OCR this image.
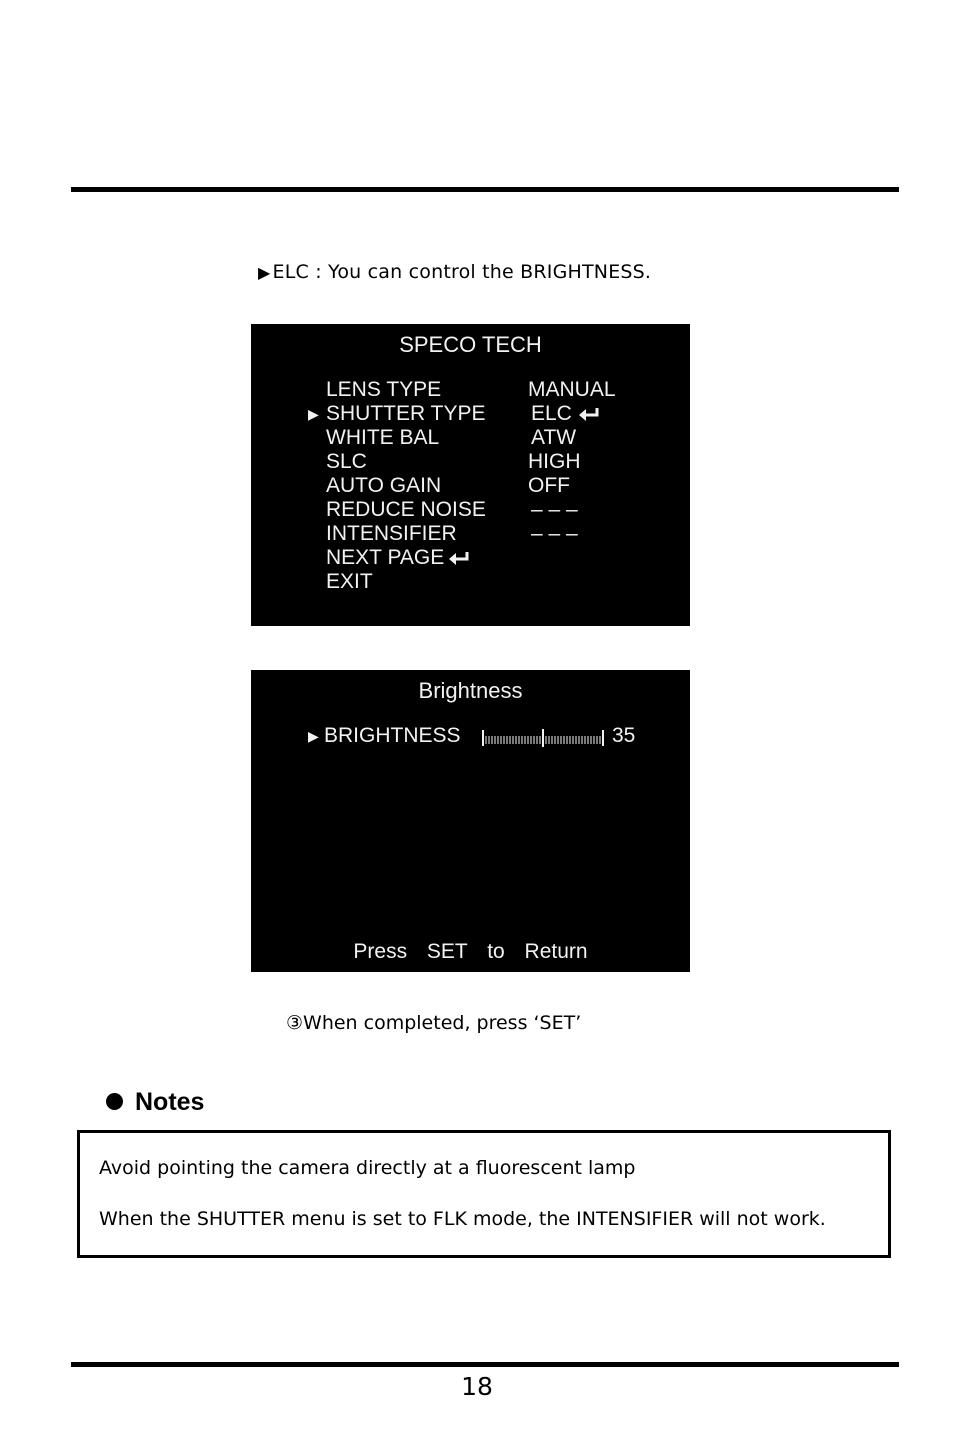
▶ ELC : You can control the BRIGHTNESS.
SPECO TECH
LENS TYPE	MANUAL
▶ SHUTTER TYPE ELC
WHITE BAL	ATW
SLC	HIGH
AUTO GAIN	OFF
REDUCE NOISE – – –
INTENSIFIER	– – –
NEXT PAGE
EXIT
Brightness
▶ BRIGHTNESS	35
Press SET to Return
③When completed, press ‘SET’
Notes
Avoid pointing the camera directly at a fluorescent lamp
When the SHUTTER menu is set to FLK mode, the INTENSIFIER will not work.
18
